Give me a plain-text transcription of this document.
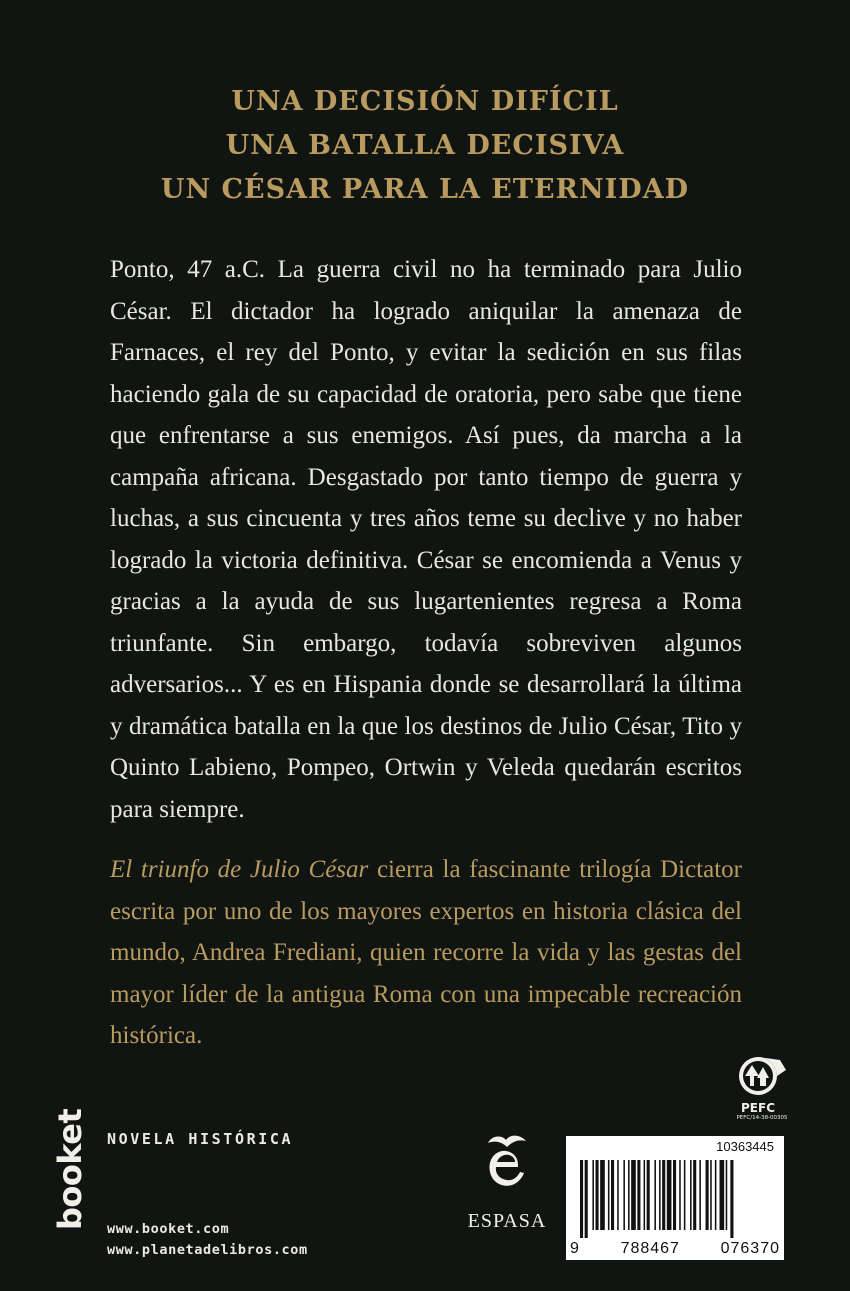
UNA DECISIÓN DIFÍCIL
UNA BATALLA DECISIVA
UN CÉSAR PARA LA ETERNIDAD

Ponto, 47 a.C. La guerra civil no ha terminado para Julio César. El dictador ha logrado aniquilar la amenaza de Farnaces, el rey del Ponto, y evitar la sedición en sus filas haciendo gala de su capacidad de oratoria, pero sabe que tiene que enfrentarse a sus enemigos. Así pues, da marcha a la campaña africana. Desgastado por tanto tiempo de guerra y luchas, a sus cincuenta y tres años teme su declive y no haber logrado la victoria definitiva. César se encomienda a Venus y gracias a la ayuda de sus lugartenientes regresa a Roma triunfante. Sin embargo, todavía sobreviven algunos adversarios... Y es en Hispania donde se desarrollará la última y dramática batalla en la que los destinos de Julio César, Tito y Quinto Labieno, Pompeo, Ortwin y Veleda quedarán escritos para siempre.

El triunfo de Julio César cierra la fascinante trilogía Dictator escrita por uno de los mayores expertos en historia clásica del mundo, Andrea Frediani, quien recorre la vida y las gestas del mayor líder de la antigua Roma con una impecable recreación histórica.

PEFC
PEFC/14-38-00305
NOVELA HISTÓRICA
booket www.booket.com
www.planetadelibros.com
ESPASA
10363445
9	788467	076370
